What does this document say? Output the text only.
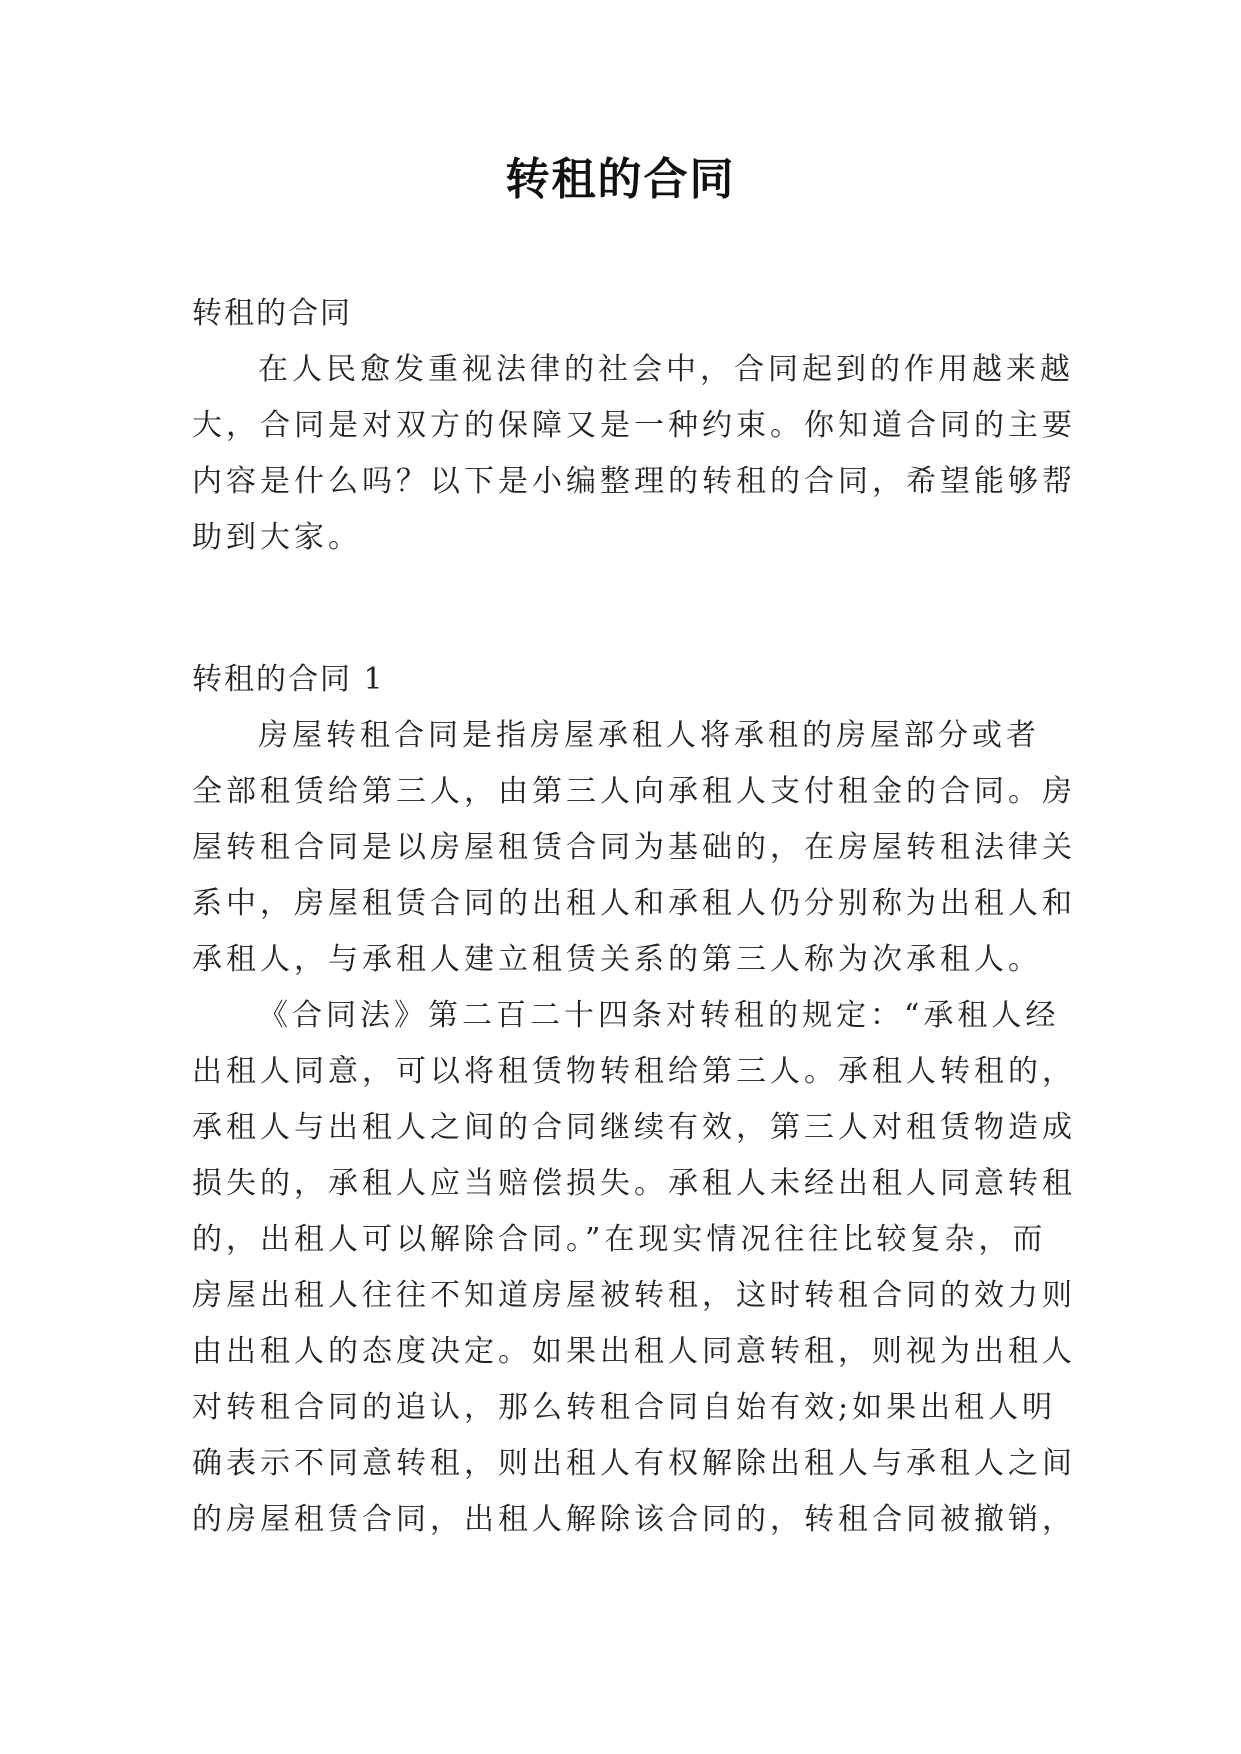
转租的合同
转租的合同
在人民愈发重视法律的社会中，合同起到的作用越来越
大，合同是对双方的保障又是一种约束。你知道合同的主要
内容是什么吗？以下是小编整理的转租的合同，希望能够帮
助到大家。
转租的合同 1
房屋转租合同是指房屋承租人将承租的房屋部分或者
全部租赁给第三人，由第三人向承租人支付租金的合同。房
屋转租合同是以房屋租赁合同为基础的，在房屋转租法律关
系中，房屋租赁合同的出租人和承租人仍分别称为出租人和
承租人，与承租人建立租赁关系的第三人称为次承租人。
《合同法》第二百二十四条对转租的规定：“承租人经
出租人同意，可以将租赁物转租给第三人。承租人转租的，
承租人与出租人之间的合同继续有效，第三人对租赁物造成
损失的，承租人应当赔偿损失。承租人未经出租人同意转租
的，出租人可以解除合同。”在现实情况往往比较复杂，而
房屋出租人往往不知道房屋被转租，这时转租合同的效力则
由出租人的态度决定。如果出租人同意转租，则视为出租人
对转租合同的追认，那么转租合同自始有效;如果出租人明
确表示不同意转租，则出租人有权解除出租人与承租人之间
的房屋租赁合同，出租人解除该合同的，转租合同被撤销，
